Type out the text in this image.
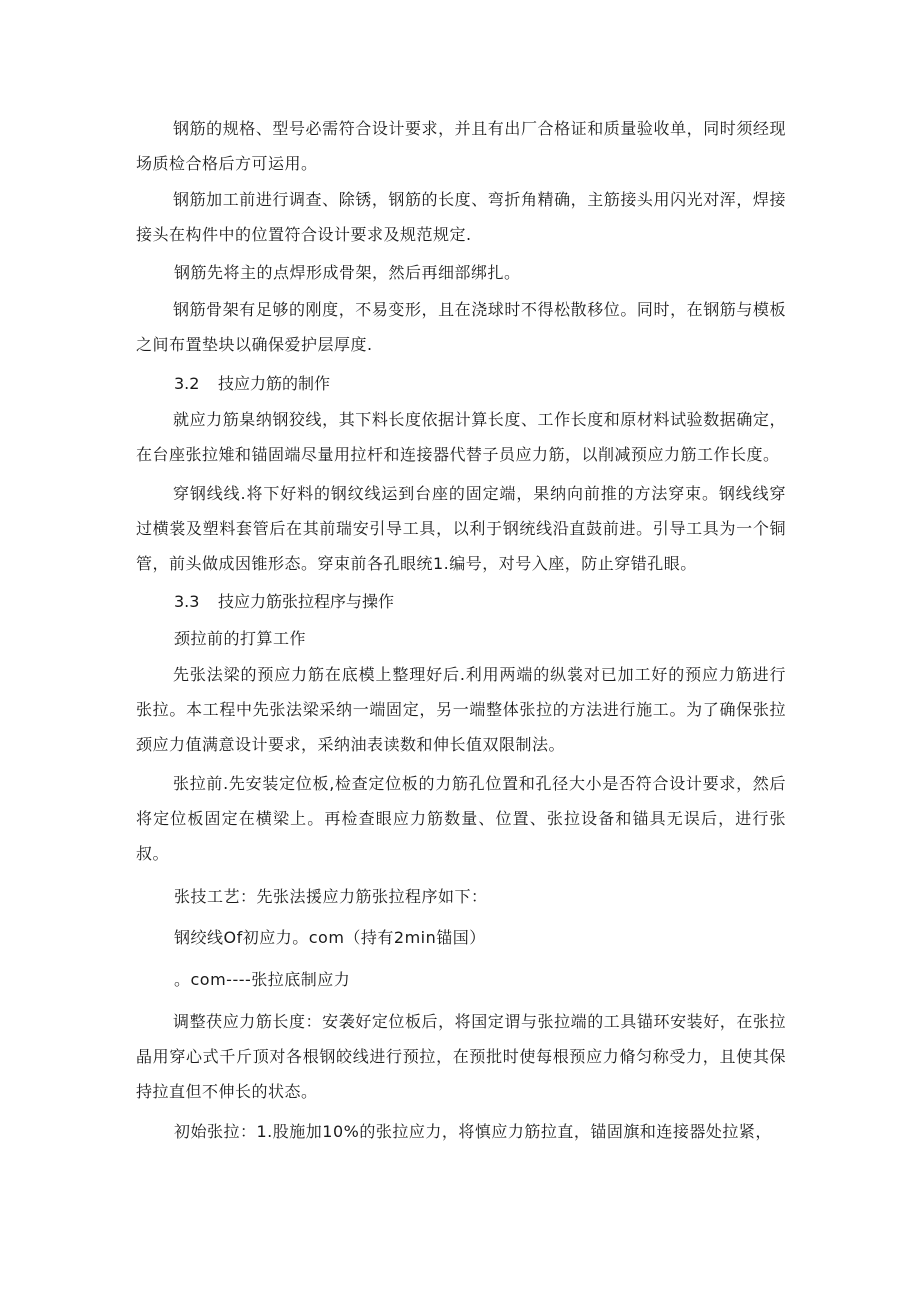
钢筋的规格、型号必需符合设计要求，并且有出厂合格证和质量验收单，同时须经现场质检合格后方可运用。

钢筋加工前进行调查、除锈，钢筋的长度、弯折角精确，主筋接头用闪光对浑，焊接接头在构件中的位置符合设计要求及规范规定.

钢筋先将主的点焊形成骨架，然后再细部绑扎。

钢筋骨架有足够的刚度，不易变形，且在浇球时不得松散移位。同时，在钢筋与模板之间布置垫块以确保爱护层厚度.

3.2 技应力筋的制作

就应力筋臬纳钢狡线，其下料长度依据计算长度、工作长度和原材料试验数据确定，在台座张拉雉和锚固端尽量用拉杆和连接器代替子员应力筋，以削减预应力筋工作长度。

穿钢线线.将下好料的钢纹线运到台座的固定端，果纳向前推的方法穿束。钢线线穿过横裳及塑料套管后在其前瑞安引导工具，以利于钢统线沿直鼓前进。引导工具为一个铜管，前头做成因锥形态。穿束前各孔眼统1.编号，对号入座，防止穿错孔眼。

3.3 技应力筋张拉程序与操作

颈拉前的打算工作

先张法梁的预应力筋在底模上整理好后.利用两端的纵裳对已加工好的预应力筋进行张拉。本工程中先张法梁采纳一端固定，另一端整体张拉的方法进行施工。为了确保张拉颈应力值满意设计要求，采纳油表读数和伸长值双限制法。

张拉前.先安装定位板,检查定位板的力筋孔位置和孔径大小是否符合设计要求，然后将定位板固定在横梁上。再检查眼应力筋数量、位置、张拉设备和锚具无误后，进行张叔。

张技工艺：先张法援应力筋张拉程序如下：

钢绞线Of初应力。com（持有2min锚国）

。com----张拉底制应力

调整茯应力筋长度：安袭好定位板后，将国定谓与张拉端的工具锚环安装好，在张拉晶用穿心式千斤顶对各根钢皎线进行预拉，在预批时使每根预应力脩匀称受力，且使其保持拉直但不伸长的状态。

初始张拉：1.股施加10%的张拉应力，将慎应力筋拉直，锚固旗和连接器处拉紧，
